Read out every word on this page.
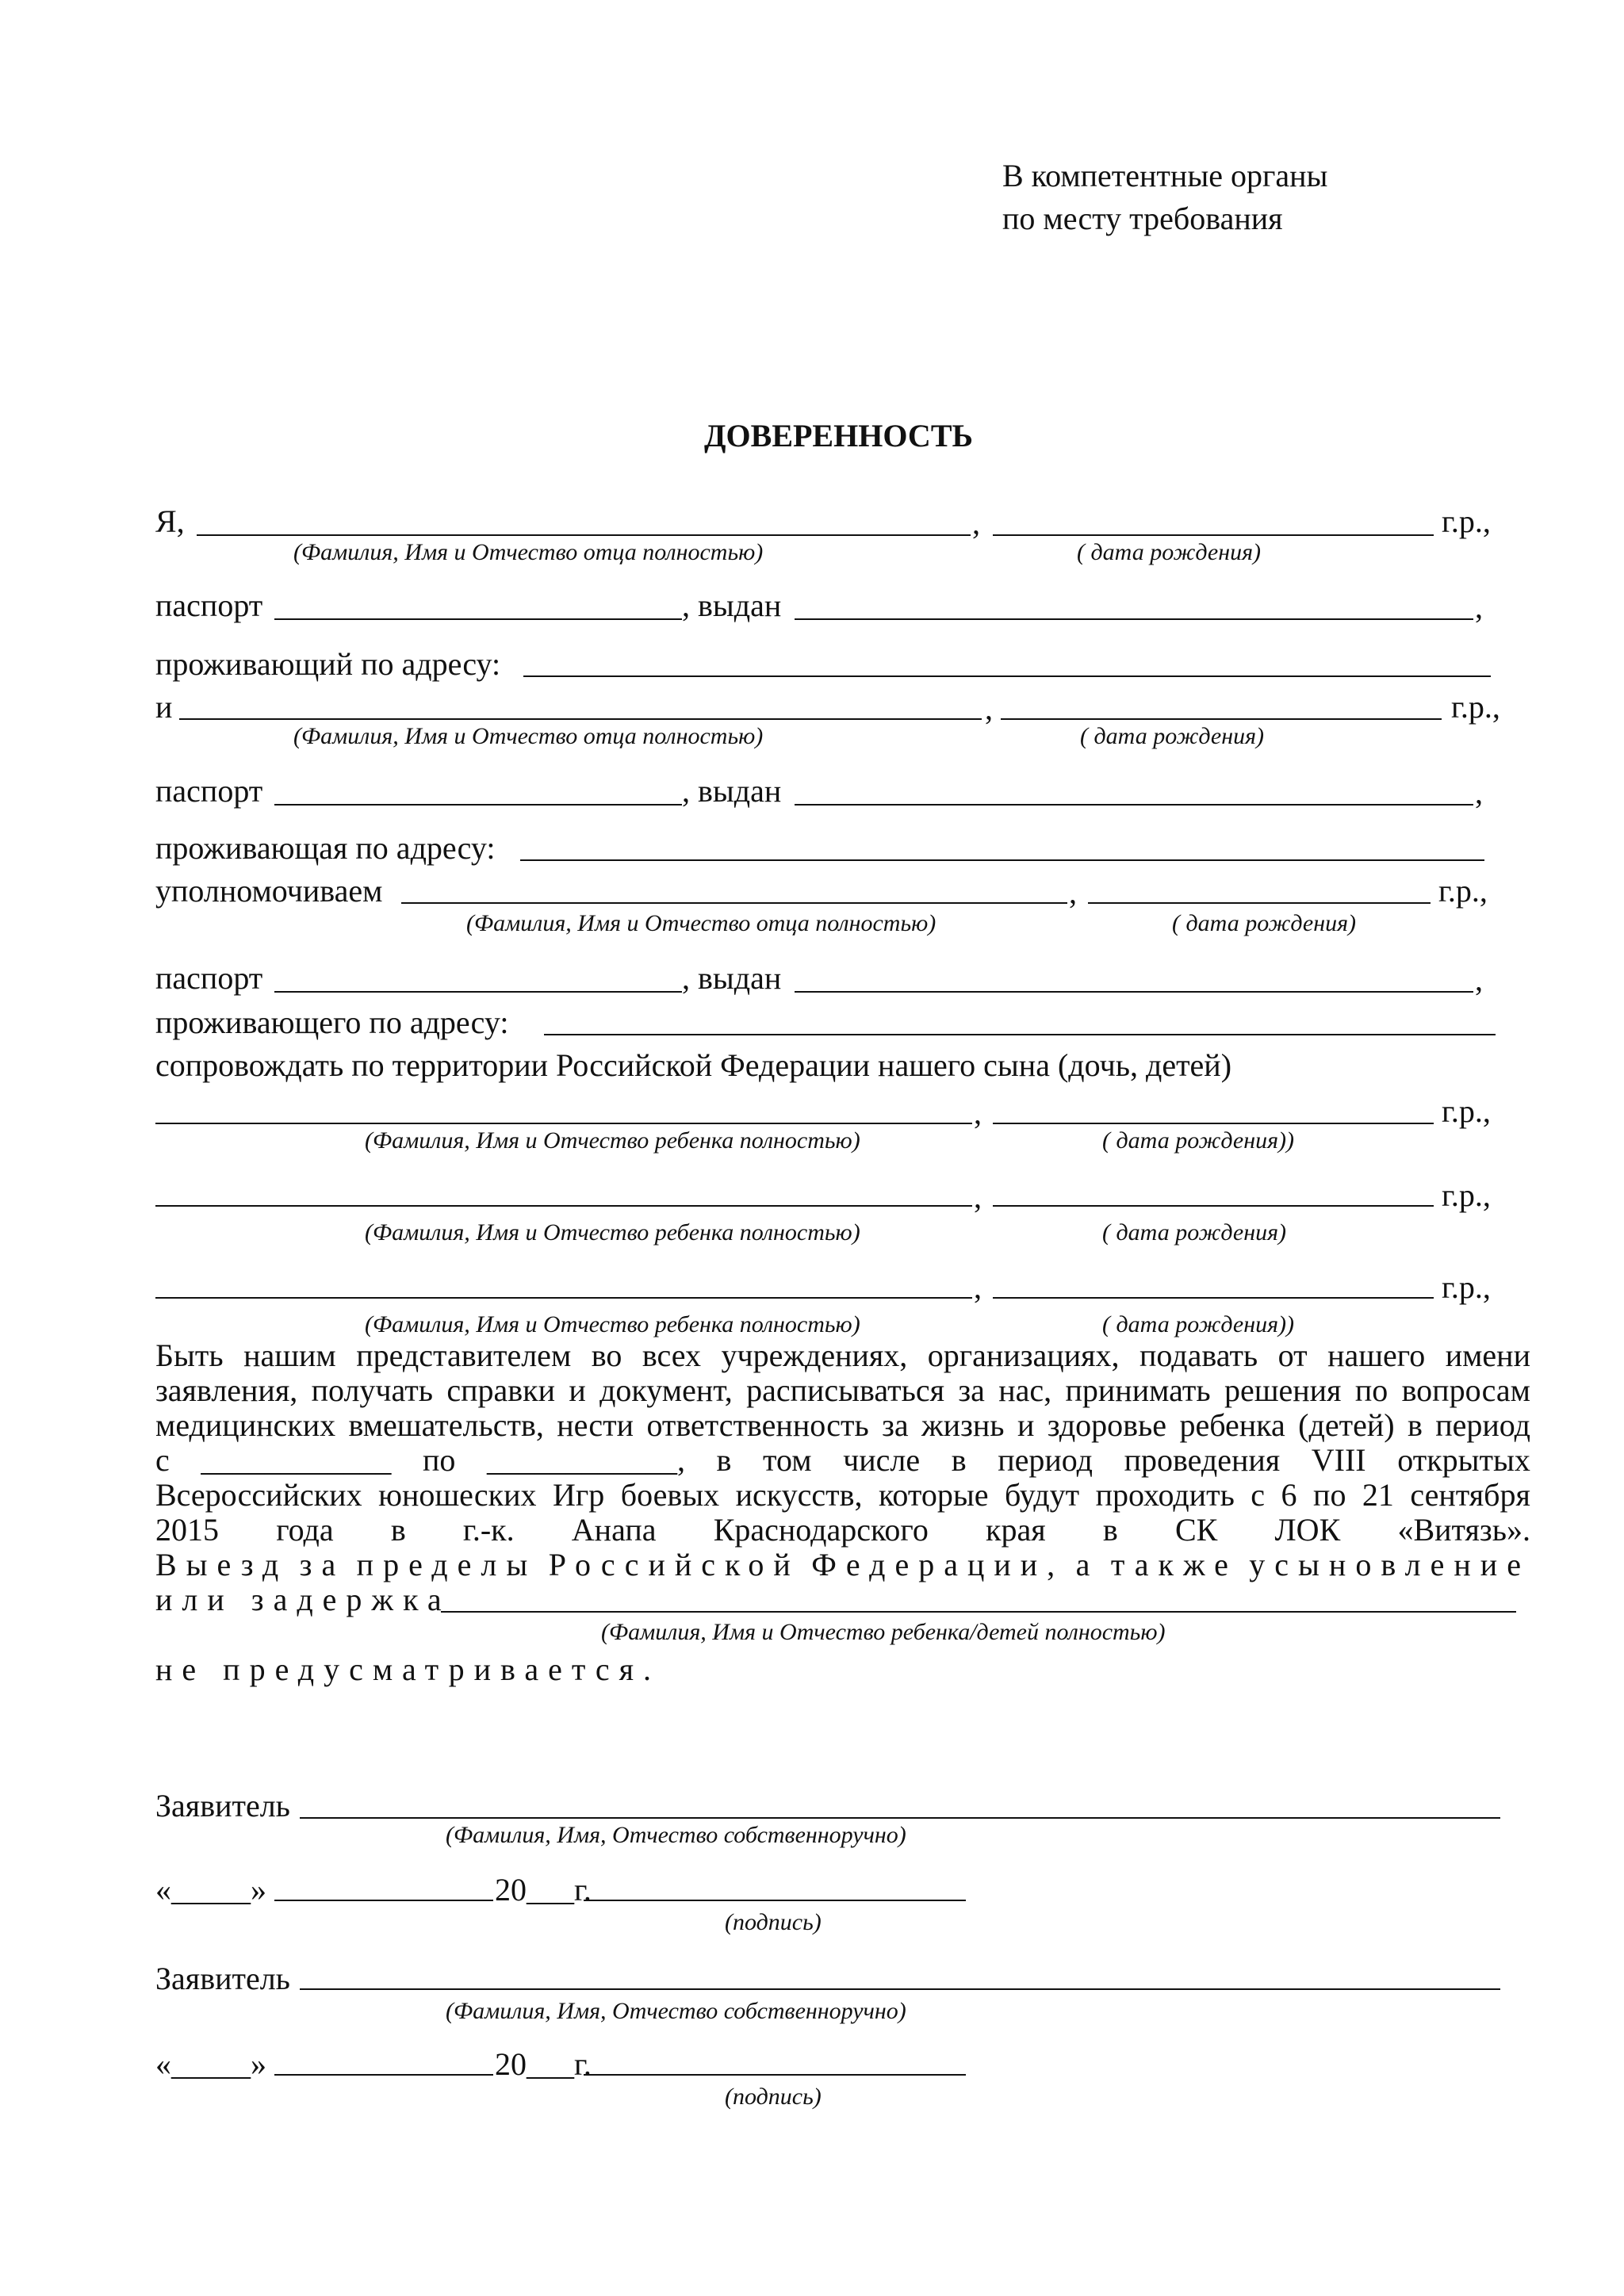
В компетентные органы
по месту требования
ДОВЕРЕННОСТЬ
Я,	,	г.р.,
(Фамилия, Имя и Отчество отца полностью)	( дата рождения)
паспорт	, выдан	,
проживающий по адресу:
и	,	г.р.,
(Фамилия, Имя и Отчество отца полностью)	( дата рождения)
паспорт	, выдан	,
проживающая по адресу:
уполномочиваем	,	г.р.,
(Фамилия, Имя и Отчество отца полностью)	( дата рождения)
паспорт	, выдан	,
проживающего по адресу:
сопровождать по территории Российской Федерации нашего сына (дочь, детей)
,	г.р.,
(Фамилия, Имя и Отчество ребенка полностью)	( дата рождения))
,	г.р.,
(Фамилия, Имя и Отчество ребенка полностью)	( дата рождения)
,	г.р.,
(Фамилия, Имя и Отчество ребенка полностью)	( дата рождения))
Быть нашим представителем во всех учреждениях, организациях, подавать от нашего имени
заявления, получать справки и документ, расписываться за нас, принимать решения по вопросам
медицинских вмешательств, нести ответственность за жизнь и здоровье ребенка (детей) в период
с ____________ по ____________, в том числе в период проведения VIII открытых
Всероссийских юношеских Игр боевых искусств, которые будут проходить с 6 по 21 сентября
2015 года в г.-к. Анапа Краснодарского края в СК ЛОК «Витязь».
Выезд за пределы Российской Федерации, а также усыновление
или задержка
(Фамилия, Имя и Отчество ребенка/детей полностью)
не предусматривается.
Заявитель
(Фамилия, Имя, Отчество собственноручно)
«_____»	20___г.
(подпись)
Заявитель
(Фамилия, Имя, Отчество собственноручно)
«_____»	20___г.
(подпись)
